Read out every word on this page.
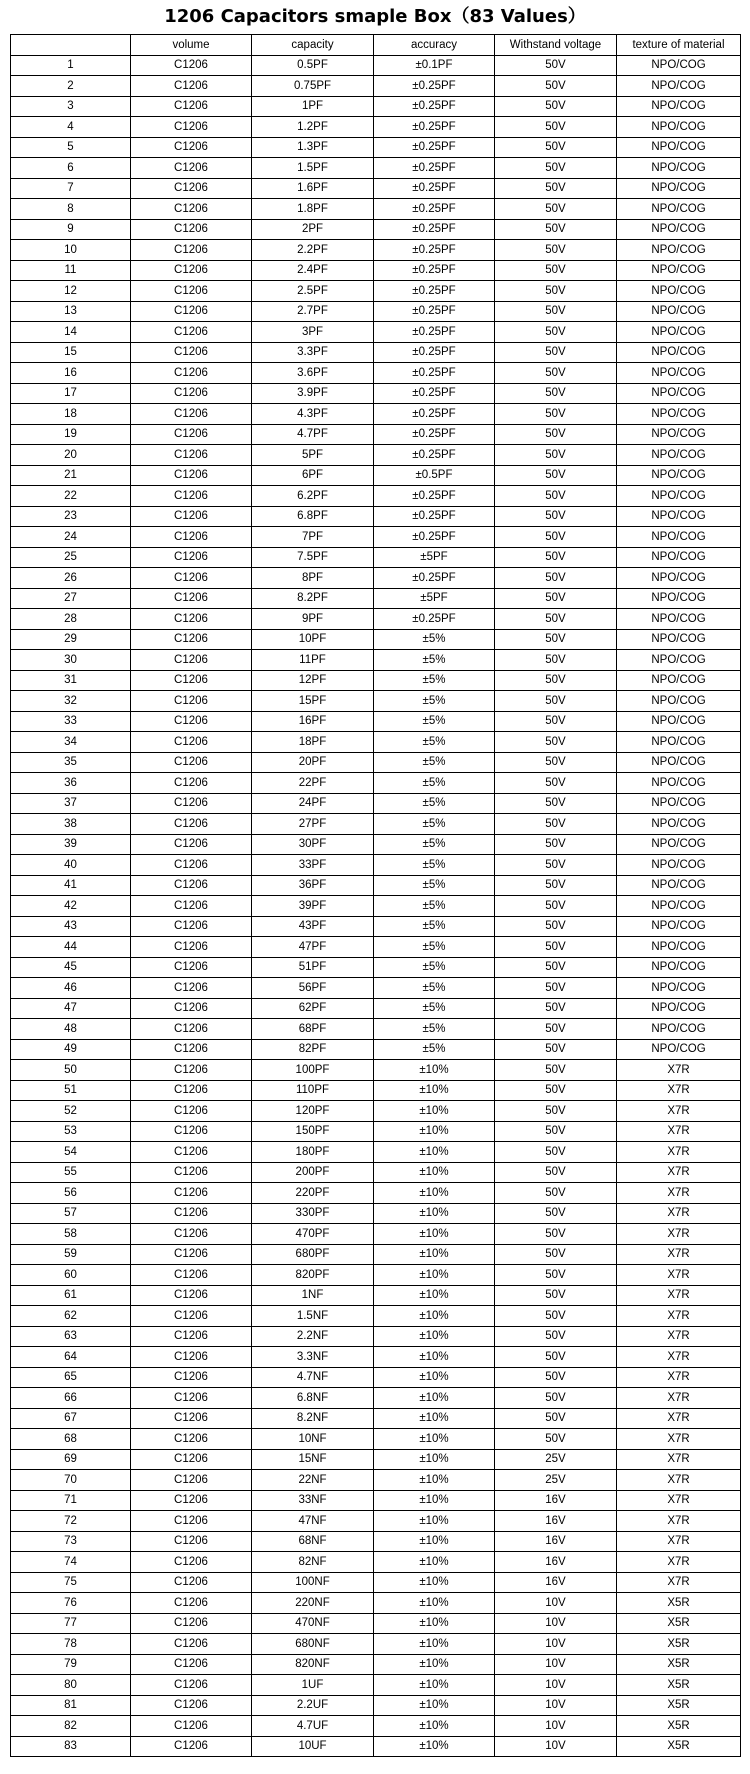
1206 Capacitors smaple Box（83 Values）
	volume	capacity	accuracy	Withstand voltage	texture of material
1	C1206	0.5PF	±0.1PF	50V	NPO/COG
2	C1206	0.75PF	±0.25PF	50V	NPO/COG
3	C1206	1PF	±0.25PF	50V	NPO/COG
4	C1206	1.2PF	±0.25PF	50V	NPO/COG
5	C1206	1.3PF	±0.25PF	50V	NPO/COG
6	C1206	1.5PF	±0.25PF	50V	NPO/COG
7	C1206	1.6PF	±0.25PF	50V	NPO/COG
8	C1206	1.8PF	±0.25PF	50V	NPO/COG
9	C1206	2PF	±0.25PF	50V	NPO/COG
10	C1206	2.2PF	±0.25PF	50V	NPO/COG
11	C1206	2.4PF	±0.25PF	50V	NPO/COG
12	C1206	2.5PF	±0.25PF	50V	NPO/COG
13	C1206	2.7PF	±0.25PF	50V	NPO/COG
14	C1206	3PF	±0.25PF	50V	NPO/COG
15	C1206	3.3PF	±0.25PF	50V	NPO/COG
16	C1206	3.6PF	±0.25PF	50V	NPO/COG
17	C1206	3.9PF	±0.25PF	50V	NPO/COG
18	C1206	4.3PF	±0.25PF	50V	NPO/COG
19	C1206	4.7PF	±0.25PF	50V	NPO/COG
20	C1206	5PF	±0.25PF	50V	NPO/COG
21	C1206	6PF	±0.5PF	50V	NPO/COG
22	C1206	6.2PF	±0.25PF	50V	NPO/COG
23	C1206	6.8PF	±0.25PF	50V	NPO/COG
24	C1206	7PF	±0.25PF	50V	NPO/COG
25	C1206	7.5PF	±5PF	50V	NPO/COG
26	C1206	8PF	±0.25PF	50V	NPO/COG
27	C1206	8.2PF	±5PF	50V	NPO/COG
28	C1206	9PF	±0.25PF	50V	NPO/COG
29	C1206	10PF	±5%	50V	NPO/COG
30	C1206	11PF	±5%	50V	NPO/COG
31	C1206	12PF	±5%	50V	NPO/COG
32	C1206	15PF	±5%	50V	NPO/COG
33	C1206	16PF	±5%	50V	NPO/COG
34	C1206	18PF	±5%	50V	NPO/COG
35	C1206	20PF	±5%	50V	NPO/COG
36	C1206	22PF	±5%	50V	NPO/COG
37	C1206	24PF	±5%	50V	NPO/COG
38	C1206	27PF	±5%	50V	NPO/COG
39	C1206	30PF	±5%	50V	NPO/COG
40	C1206	33PF	±5%	50V	NPO/COG
41	C1206	36PF	±5%	50V	NPO/COG
42	C1206	39PF	±5%	50V	NPO/COG
43	C1206	43PF	±5%	50V	NPO/COG
44	C1206	47PF	±5%	50V	NPO/COG
45	C1206	51PF	±5%	50V	NPO/COG
46	C1206	56PF	±5%	50V	NPO/COG
47	C1206	62PF	±5%	50V	NPO/COG
48	C1206	68PF	±5%	50V	NPO/COG
49	C1206	82PF	±5%	50V	NPO/COG
50	C1206	100PF	±10%	50V	X7R
51	C1206	110PF	±10%	50V	X7R
52	C1206	120PF	±10%	50V	X7R
53	C1206	150PF	±10%	50V	X7R
54	C1206	180PF	±10%	50V	X7R
55	C1206	200PF	±10%	50V	X7R
56	C1206	220PF	±10%	50V	X7R
57	C1206	330PF	±10%	50V	X7R
58	C1206	470PF	±10%	50V	X7R
59	C1206	680PF	±10%	50V	X7R
60	C1206	820PF	±10%	50V	X7R
61	C1206	1NF	±10%	50V	X7R
62	C1206	1.5NF	±10%	50V	X7R
63	C1206	2.2NF	±10%	50V	X7R
64	C1206	3.3NF	±10%	50V	X7R
65	C1206	4.7NF	±10%	50V	X7R
66	C1206	6.8NF	±10%	50V	X7R
67	C1206	8.2NF	±10%	50V	X7R
68	C1206	10NF	±10%	50V	X7R
69	C1206	15NF	±10%	25V	X7R
70	C1206	22NF	±10%	25V	X7R
71	C1206	33NF	±10%	16V	X7R
72	C1206	47NF	±10%	16V	X7R
73	C1206	68NF	±10%	16V	X7R
74	C1206	82NF	±10%	16V	X7R
75	C1206	100NF	±10%	16V	X7R
76	C1206	220NF	±10%	10V	X5R
77	C1206	470NF	±10%	10V	X5R
78	C1206	680NF	±10%	10V	X5R
79	C1206	820NF	±10%	10V	X5R
80	C1206	1UF	±10%	10V	X5R
81	C1206	2.2UF	±10%	10V	X5R
82	C1206	4.7UF	±10%	10V	X5R
83	C1206	10UF	±10%	10V	X5R
